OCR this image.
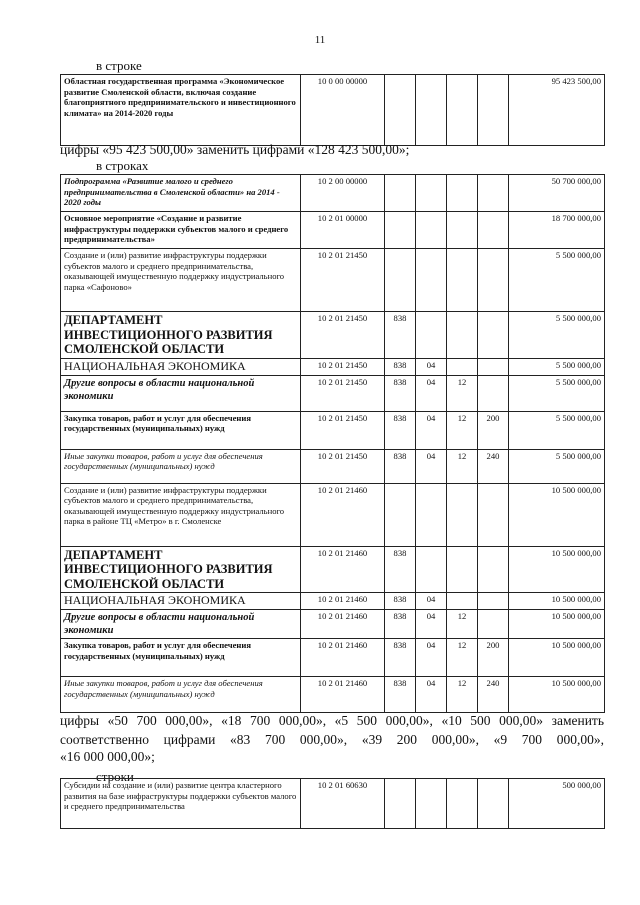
11
в строке
Областная государственная программа «Экономическое развитие Смоленской области, включая создание благоприятного предпринимательского и инвестиционного климата» на 2014-2020 годы	10 0 00 00000					95 423 500,00
цифры «95 423 500,00» заменить цифрами «128 423 500,00»;
в строках
Подпрограмма «Развитие малого и среднего предпринимательства в Смоленской области» на 2014 - 2020 годы	10 2 00 00000					50 700 000,00
Основное мероприятие «Создание и развитие инфраструктуры поддержки субъектов малого и среднего предпринимательства»	10 2 01 00000					18 700 000,00
Создание и (или) развитие инфраструктуры поддержки субъектов малого и среднего предпринимательства, оказывающей имущественную поддержку индустриального парка «Сафоново»	10 2 01 21450					5 500 000,00
ДЕПАРТАМЕНТ ИНВЕСТИЦИОННОГО РАЗВИТИЯ СМОЛЕНСКОЙ ОБЛАСТИ	10 2 01 21450	838				5 500 000,00
НАЦИОНАЛЬНАЯ ЭКОНОМИКА	10 2 01 21450	838	04			5 500 000,00
Другие вопросы в области национальной экономики	10 2 01 21450	838	04	12		5 500 000,00
Закупка товаров, работ и услуг для обеспечения государственных (муниципальных) нужд	10 2 01 21450	838	04	12	200	5 500 000,00
Иные закупки товаров, работ и услуг для обеспечения государственных (муниципальных) нужд	10 2 01 21450	838	04	12	240	5 500 000,00
Создание и (или) развитие инфраструктуры поддержки субъектов малого и среднего предпринимательства, оказывающей имущественную поддержку индустриального парка в районе ТЦ «Метро» в г. Смоленске	10 2 01 21460					10 500 000,00
ДЕПАРТАМЕНТ ИНВЕСТИЦИОННОГО РАЗВИТИЯ СМОЛЕНСКОЙ ОБЛАСТИ	10 2 01 21460	838				10 500 000,00
НАЦИОНАЛЬНАЯ ЭКОНОМИКА	10 2 01 21460	838	04			10 500 000,00
Другие вопросы в области национальной экономики	10 2 01 21460	838	04	12		10 500 000,00
Закупка товаров, работ и услуг для обеспечения государственных (муниципальных) нужд	10 2 01 21460	838	04	12	200	10 500 000,00
Иные закупки товаров, работ и услуг для обеспечения государственных (муниципальных) нужд	10 2 01 21460	838	04	12	240	10 500 000,00
цифры «50 700 000,00», «18 700 000,00», «5 500 000,00», «10 500 000,00» заменить
соответственно цифрами «83 700 000,00», «39 200 000,00», «9 700 000,00»,
«16 000 000,00»;
строки
Субсидии на создание и (или) развитие центра кластерного развития на базе инфраструктуры поддержки субъектов малого и среднего предпринимательства	10 2 01 60630					500 000,00
